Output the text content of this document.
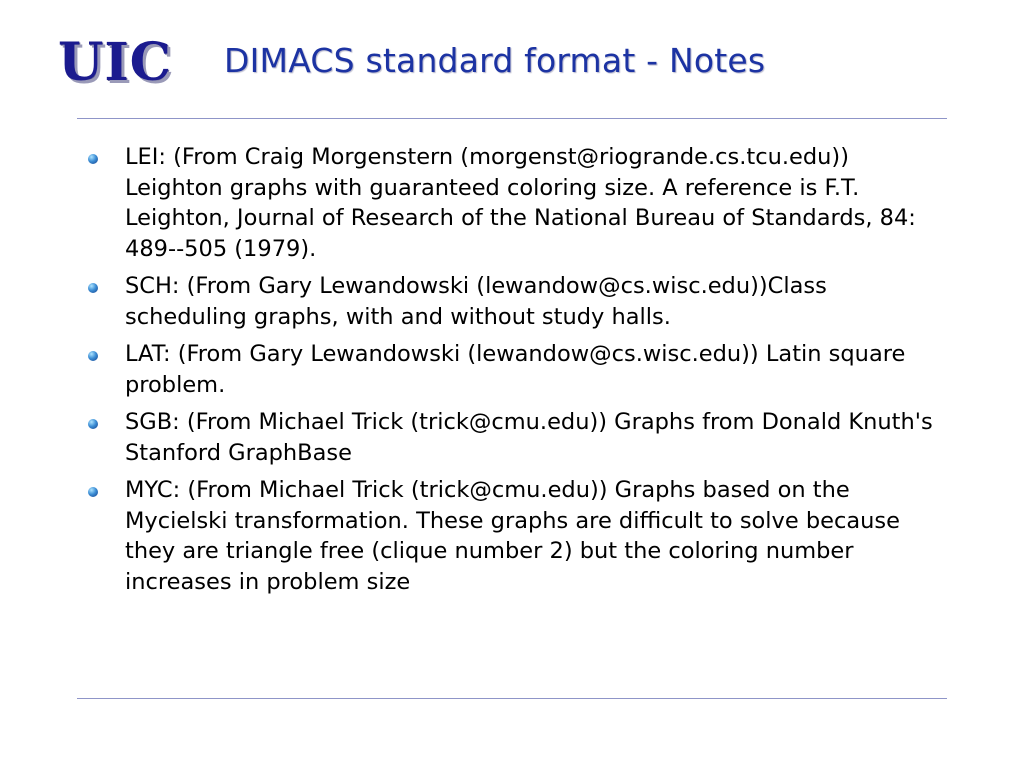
UIC DIMACS standard format - Notes
LEI: (From Craig Morgenstern (morgenst@riogrande.cs.tcu.edu)) Leighton graphs with guaranteed coloring size. A reference is F.T. Leighton, Journal of Research of the National Bureau of Standards, 84: 489--505 (1979).
SCH: (From Gary Lewandowski (lewandow@cs.wisc.edu))Class scheduling graphs, with and without study halls.
LAT: (From Gary Lewandowski (lewandow@cs.wisc.edu)) Latin square problem.
SGB: (From Michael Trick (trick@cmu.edu)) Graphs from Donald Knuth's Stanford GraphBase
MYC: (From Michael Trick (trick@cmu.edu)) Graphs based on the Mycielski transformation. These graphs are difficult to solve because they are triangle free (clique number 2) but the coloring number increases in problem size
